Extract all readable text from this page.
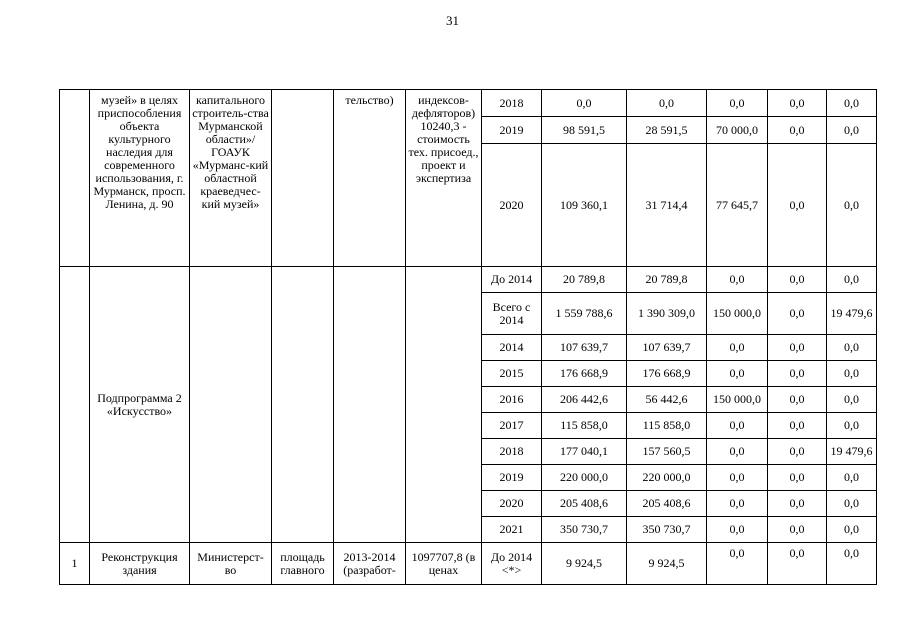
31
	музей» в целях приспособления объекта культурного наследия для современного использования, г. Мурманск, просп. Ленина, д. 90	капитального строитель-ства Мурманской области»/ ГОАУК «Мурманс-кий областной краеведчес-кий музей»		тельство)	индексов-дефляторов) 10240,3 - стоимость тех. присоед., проект и экспертиза	2018	0,0	0,0	0,0	0,0	0,0
						2019	98 591,5	28 591,5	70 000,0	0,0	0,0
						2020	109 360,1	31 714,4	77 645,7	0,0	0,0
	Подпрограмма 2 «Искусство»					До 2014	20 789,8	20 789,8	0,0	0,0	0,0
						Всего с 2014	1 559 788,6	1 390 309,0	150 000,0	0,0	19 479,6
						2014	107 639,7	107 639,7	0,0	0,0	0,0
						2015	176 668,9	176 668,9	0,0	0,0	0,0
						2016	206 442,6	56 442,6	150 000,0	0,0	0,0
						2017	115 858,0	115 858,0	0,0	0,0	0,0
						2018	177 040,1	157 560,5	0,0	0,0	19 479,6
						2019	220 000,0	220 000,0	0,0	0,0	0,0
						2020	205 408,6	205 408,6	0,0	0,0	0,0
						2021	350 730,7	350 730,7	0,0	0,0	0,0
1	Реконструкция здания	Министерст-во	площадь главного	2013-2014 (разработ-	1097707,8 (в ценах	До 2014 <*>	9 924,5	9 924,5	0,0	0,0	0,0
